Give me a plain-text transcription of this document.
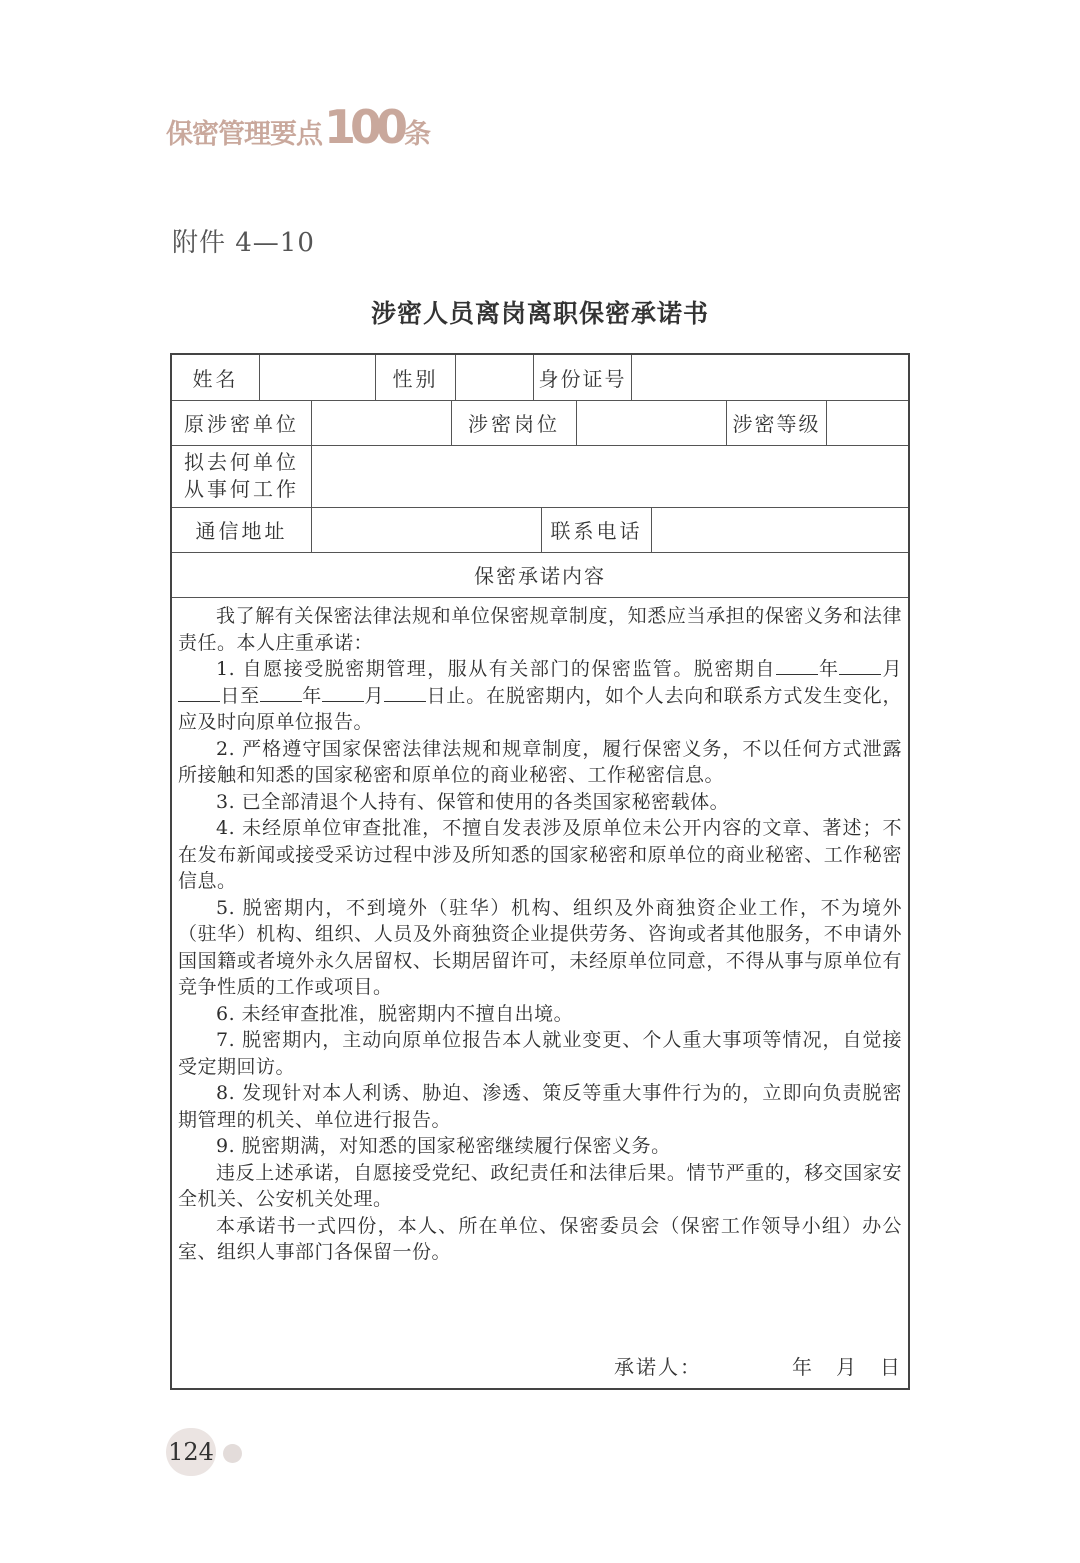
保密管理要点 100 条
附件 4—10
涉密人员离岗离职保密承诺书
姓名	性别	身份证号
原涉密单位	涉密岗位	涉密等级
拟去何单位
从事何工作
通信地址	联系电话
保密承诺内容

我了解有关保密法律法规和单位保密规章制度，知悉应当承担的保密义务和法律责任。本人庄重承诺：

1. 自愿接受脱密期管理，服从有关部门的保密监管。脱密期自 年 月日至 年 月 日止。在脱密期内，如个人去向和联系方式发生变化，应及时向原单位报告。

2. 严格遵守国家保密法律法规和规章制度，履行保密义务，不以任何方式泄露所接触和知悉的国家秘密和原单位的商业秘密、工作秘密信息。

3. 已全部清退个人持有、保管和使用的各类国家秘密载体。

4. 未经原单位审查批准，不擅自发表涉及原单位未公开内容的文章、著述；不在发布新闻或接受采访过程中涉及所知悉的国家秘密和原单位的商业秘密、工作秘密信息。

5. 脱密期内，不到境外（驻华）机构、组织及外商独资企业工作，不为境外（驻华）机构、组织、人员及外商独资企业提供劳务、咨询或者其他服务，不申请外国国籍或者境外永久居留权、长期居留许可，未经原单位同意，不得从事与原单位有竞争性质的工作或项目。

6. 未经审查批准，脱密期内不擅自出境。

7. 脱密期内，主动向原单位报告本人就业变更、个人重大事项等情况，自觉接受定期回访。

8. 发现针对本人利诱、胁迫、渗透、策反等重大事件行为的，立即向负责脱密期管理的机关、单位进行报告。

9. 脱密期满，对知悉的国家秘密继续履行保密义务。

违反上述承诺，自愿接受党纪、政纪责任和法律后果。情节严重的，移交国家安全机关、公安机关处理。

本承诺书一式四份，本人、所在单位、保密委员会（保密工作领导小组）办公室、组织人事部门各保留一份。

承诺人：	年 月 日
124
